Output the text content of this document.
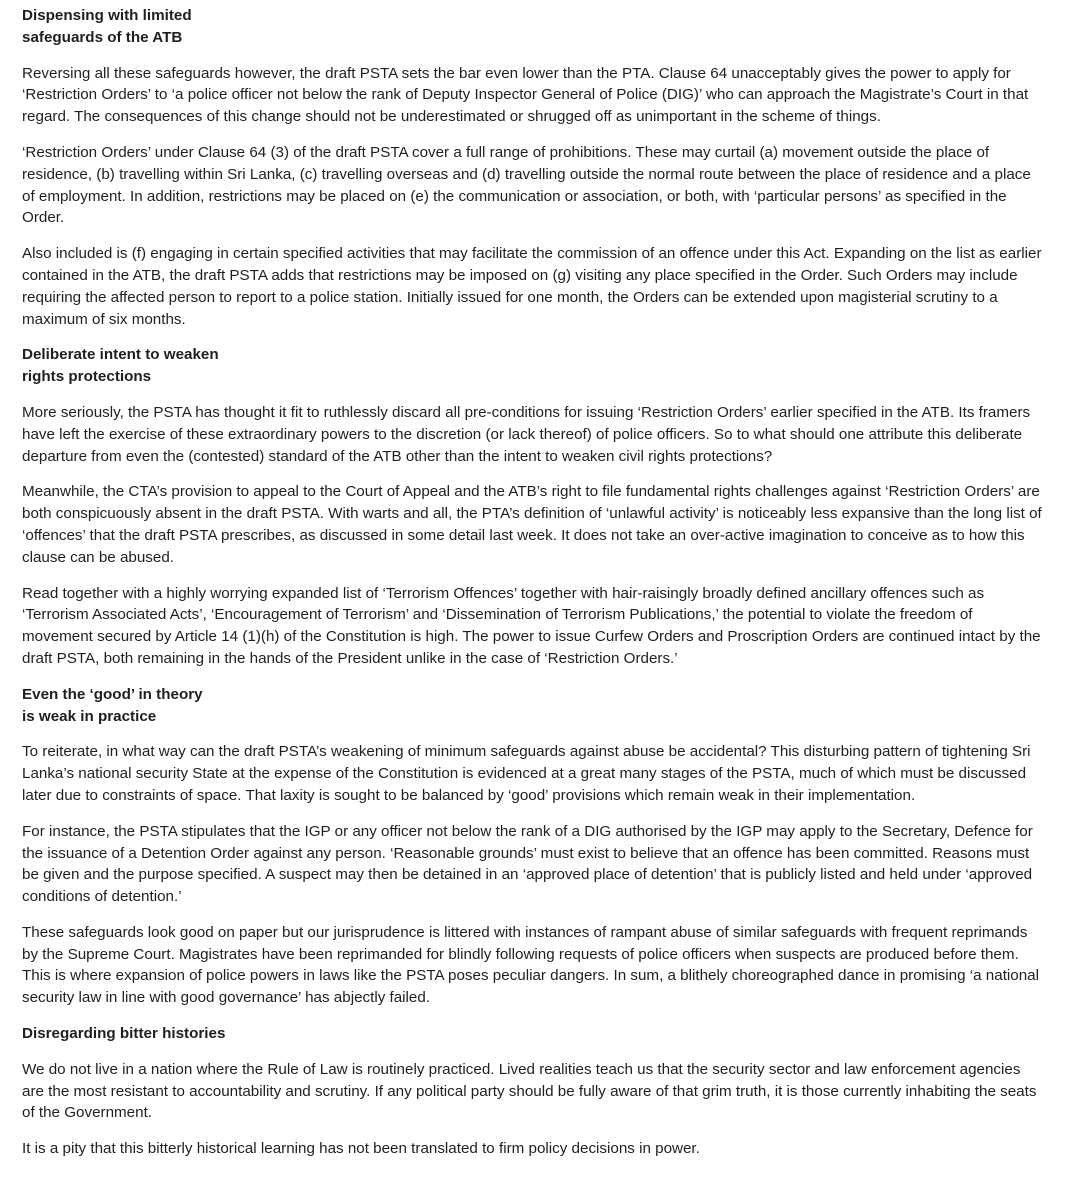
Dispensing with limited
safeguards of the ATB

Reversing all these safeguards however, the draft PSTA sets the bar even lower than the PTA. Clause 64 unacceptably gives the power to apply for ‘Restriction Orders’ to ‘a police officer not below the rank of Deputy Inspector General of Police (DIG)’ who can approach the Magistrate’s Court in that regard. The consequences of this change should not be underestimated or shrugged off as unimportant in the scheme of things.

‘Restriction Orders’ under Clause 64 (3) of the draft PSTA cover a full range of prohibitions. These may curtail (a) movement outside the place of residence, (b) travelling within Sri Lanka, (c) travelling overseas and (d) travelling outside the normal route between the place of residence and a place of employment. In addition, restrictions may be placed on (e) the communication or association, or both, with ‘particular persons’ as specified in the Order.

Also included is (f) engaging in certain specified activities that may facilitate the commission of an offence under this Act. Expanding on the list as earlier contained in the ATB, the draft PSTA adds that restrictions may be imposed on (g) visiting any place specified in the Order. Such Orders may include requiring the affected person to report to a police station. Initially issued for one month, the Orders can be extended upon magisterial scrutiny to a maximum of six months.

Deliberate intent to weaken
rights protections

More seriously, the PSTA has thought it fit to ruthlessly discard all pre-conditions for issuing ‘Restriction Orders’ earlier specified in the ATB. Its framers have left the exercise of these extraordinary powers to the discretion (or lack thereof) of police officers. So to what should one attribute this deliberate departure from even the (contested) standard of the ATB other than the intent to weaken civil rights protections?

Meanwhile, the CTA’s provision to appeal to the Court of Appeal and the ATB’s right to file fundamental rights challenges against ‘Restriction Orders’ are both conspicuously absent in the draft PSTA. With warts and all, the PTA’s definition of ‘unlawful activity’ is noticeably less expansive than the long list of ‘offences’ that the draft PSTA prescribes, as discussed in some detail last week. It does not take an over-active imagination to conceive as to how this clause can be abused.

Read together with a highly worrying expanded list of ‘Terrorism Offences’ together with hair-raisingly broadly defined ancillary offences such as ‘Terrorism Associated Acts’, ‘Encouragement of Terrorism’ and ‘Dissemination of Terrorism Publications,’ the potential to violate the freedom of movement secured by Article 14 (1)(h) of the Constitution is high. The power to issue Curfew Orders and Proscription Orders are continued intact by the draft PSTA, both remaining in the hands of the President unlike in the case of ‘Restriction Orders.’

Even the ‘good’ in theory
is weak in practice

To reiterate, in what way can the draft PSTA’s weakening of minimum safeguards against abuse be accidental? This disturbing pattern of tightening Sri Lanka’s national security State at the expense of the Constitution is evidenced at a great many stages of the PSTA, much of which must be discussed later due to constraints of space. That laxity is sought to be balanced by ‘good’ provisions which remain weak in their implementation.

For instance, the PSTA stipulates that the IGP or any officer not below the rank of a DIG authorised by the IGP may apply to the Secretary, Defence for the issuance of a Detention Order against any person. ‘Reasonable grounds’ must exist to believe that an offence has been committed. Reasons must be given and the purpose specified. A suspect may then be detained in an ‘approved place of detention’ that is publicly listed and held under ‘approved conditions of detention.’

These safeguards look good on paper but our jurisprudence is littered with instances of rampant abuse of similar safeguards with frequent reprimands by the Supreme Court. Magistrates have been reprimanded for blindly following requests of police officers when suspects are produced before them. This is where expansion of police powers in laws like the PSTA poses peculiar dangers. In sum, a blithely choreographed dance in promising ‘a national security law in line with good governance’ has abjectly failed.

Disregarding bitter histories

We do not live in a nation where the Rule of Law is routinely practiced. Lived realities teach us that the security sector and law enforcement agencies are the most resistant to accountability and scrutiny. If any political party should be fully aware of that grim truth, it is those currently inhabiting the seats of the Government.

It is a pity that this bitterly historical learning has not been translated to firm policy decisions in power.
